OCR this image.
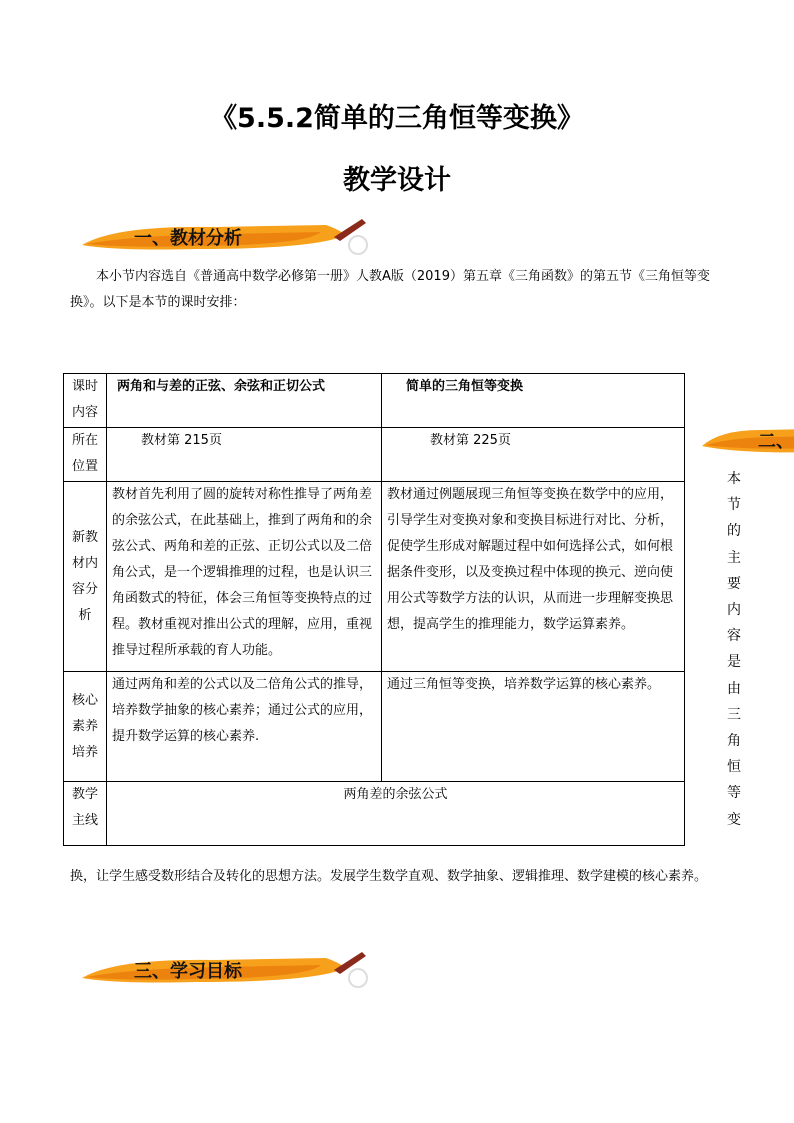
《5.5.2简单的三角恒等变换》
教学设计
一、教材分析
本小节内容选自《普通高中数学必修第一册》人教A版（2019）第五章《三角函数》的第五节《三角恒等变换》。以下是本节的课时安排：
课时内容	两角和与差的正弦、余弦和正切公式	简单的三角恒等变换

所在位置	教材第 215页	教材第 225页

新教材内容分析	教材首先利用了圆的旋转对称性推导了两角差的余弦公式，在此基础上，推到了两角和的余弦公式、两角和差的正弦、正切公式以及二倍角公式，是一个逻辑推理的过程，也是认识三角函数式的特征，体会三角恒等变换特点的过程。教材重视对推出公式的理解，应用，重视推导过程所承载的育人功能。	教材通过例题展现三角恒等变换在数学中的应用，引导学生对变换对象和变换目标进行对比、分析，促使学生形成对解题过程中如何选择公式，如何根据条件变形，以及变换过程中体现的换元、逆向使用公式等数学方法的认识，从而进一步理解变换思想，提高学生的推理能力，数学运算素养。

核心素养培养	通过两角和差的公式以及二倍角公式的推导，培养数学抽象的核心素养；通过公式的应用，提升数学运算的核心素养.	通过三角恒等变换，培养数学运算的核心素养。

教学主线	两角差的余弦公式	
二、
本
节
的
主
要
内
容
是
由
三
角
恒
等
变
换，让学生感受数形结合及转化的思想方法。发展学生数学直观、数学抽象、逻辑推理、数学建模的核心素养。
三、学习目标
